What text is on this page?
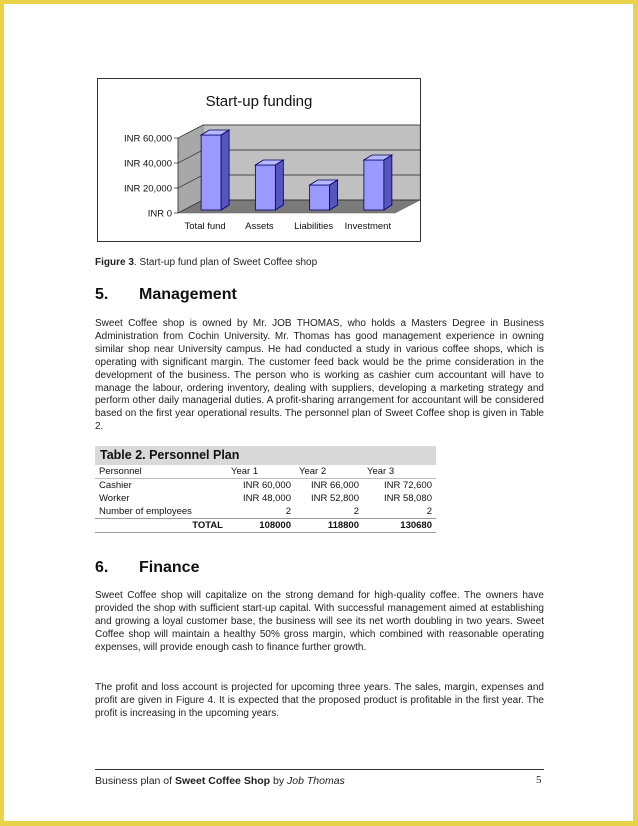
Start-up funding
INR 0
INR 20,000
INR 40,000
INR 60,000
Total fund Assets Liabilities Investment
Figure 3. Start-up fund plan of Sweet Coffee shop
5. Management

Sweet Coffee shop is owned by Mr. JOB THOMAS, who holds a Masters Degree in Business Administration from Cochin University. Mr. Thomas has good management experience in owning similar shop near University campus. He had conducted a study in various coffee shops, which is operating with significant margin. The customer feed back would be the prime consideration in the development of the business. The person who is working as cashier cum accountant will have to manage the labour, ordering inventory, dealing with suppliers, developing a marketing strategy and perform other daily managerial duties. A profit-sharing arrangement for accountant will be considered based on the first year operational results. The personnel plan of Sweet Coffee shop is given in Table 2.

Table 2. Personnel Plan
Personnel	Year 1	Year 2	Year 3
Cashier	INR 60,000	INR 66,000	INR 72,600
Worker	INR 48,000	INR 52,800	INR 58,080
Number of employees	2	2	2
TOTAL	108000	118800	130680
6. Finance

Sweet Coffee shop will capitalize on the strong demand for high-quality coffee. The owners have provided the shop with sufficient start-up capital. With successful management aimed at establishing and growing a loyal customer base, the business will see its net worth doubling in two years. Sweet Coffee shop will maintain a healthy 50% gross margin, which combined with reasonable operating expenses, will provide enough cash to finance further growth.

The profit and loss account is projected for upcoming three years. The sales, margin, expenses and profit are given in Figure 4. It is expected that the proposed product is profitable in the first year. The profit is increasing in the upcoming years.

Business plan of Sweet Coffee Shop by Job Thomas	5
